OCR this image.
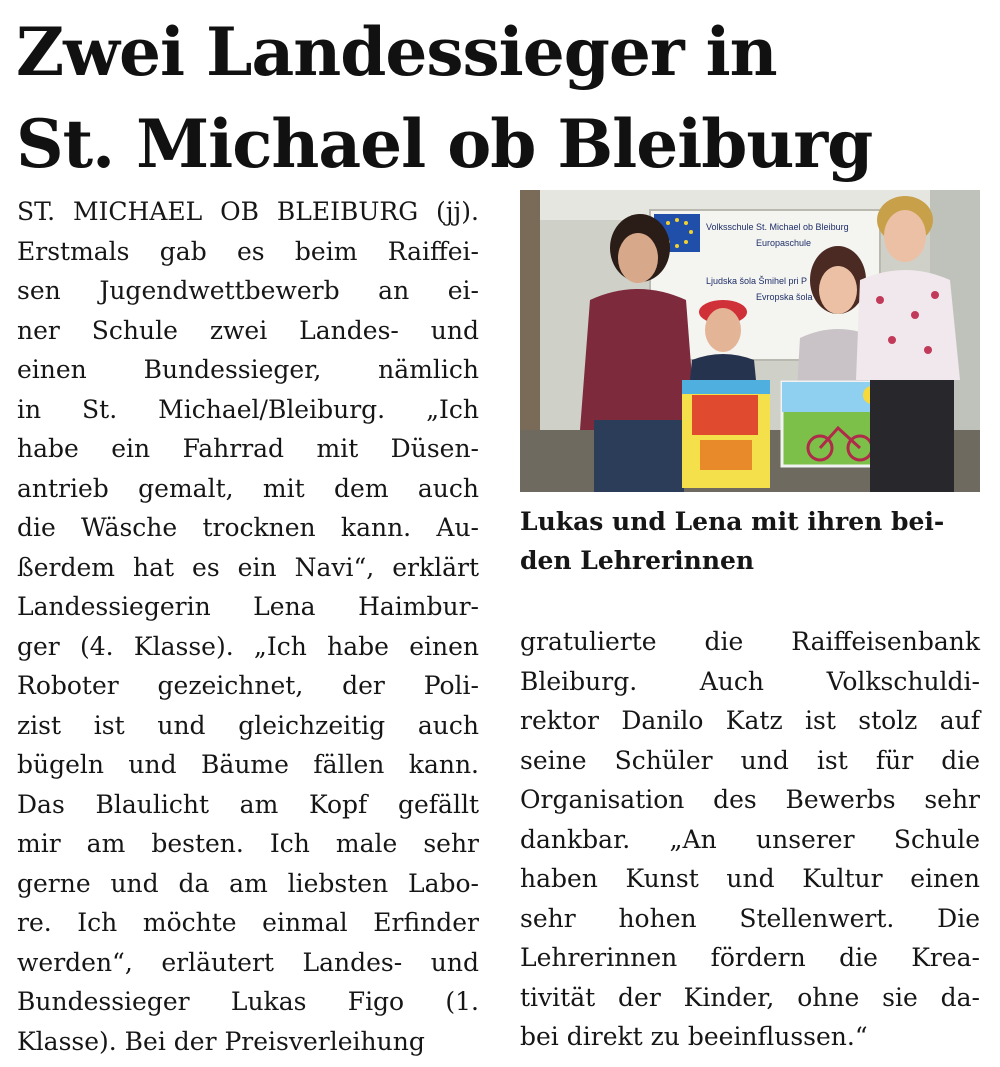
Zwei Landessieger in
St. Michael ob Bleiburg
ST. MICHAEL OB BLEIBURG (jj).
Erstmals gab es beim Raiffei-
sen Jugendwettbewerb an ei-
ner Schule zwei Landes- und
einen Bundessieger, nämlich
in St. Michael/Bleiburg. „Ich
habe ein Fahrrad mit Düsen-
antrieb gemalt, mit dem auch
die Wäsche trocknen kann. Au-
ßerdem hat es ein Navi“, erklärt
Landessiegerin Lena Haimbur-
ger (4. Klasse). „Ich habe einen
Roboter gezeichnet, der Poli-
zist ist und gleichzeitig auch
bügeln und Bäume fällen kann.
Das Blaulicht am Kopf gefällt
mir am besten. Ich male sehr
gerne und da am liebsten Labo-
re. Ich möchte einmal Erfinder
werden“, erläutert Landes- und
Bundessieger Lukas Figo (1.
Klasse). Bei der Preisverleihung
Volksschule St. Michael ob Bleiburg
Europaschule
Ljudska šola Šmihel pri P
Evropska šola
Lukas und Lena mit ihren bei-
den Lehrerinnen
gratulierte die Raiffeisenbank
Bleiburg. Auch Volkschuldi-
rektor Danilo Katz ist stolz auf
seine Schüler und ist für die
Organisation des Bewerbs sehr
dankbar. „An unserer Schule
haben Kunst und Kultur einen
sehr hohen Stellenwert. Die
Lehrerinnen fördern die Krea-
tivität der Kinder, ohne sie da-
bei direkt zu beeinflussen.“
